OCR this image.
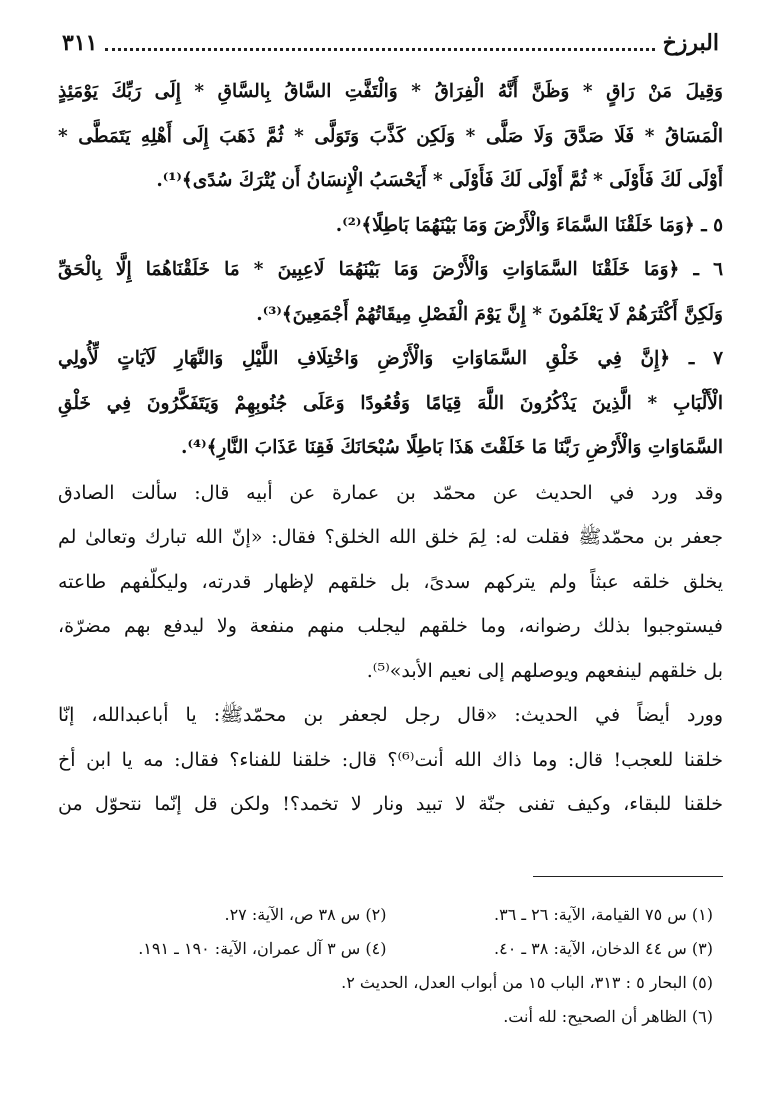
البرزخ
٣١١
وَقِيلَ مَنْ رَاقٍ * وَظَنَّ أَنَّهُ الْفِرَاقُ * وَالْتَفَّتِ السَّاقُ بِالسَّاقِ * إِلَى رَبِّكَ يَوْمَئِذٍ
الْمَسَاقُ * فَلَا صَدَّقَ وَلَا صَلَّى * وَلَكِن كَذَّبَ وَتَوَلَّى * ثُمَّ ذَهَبَ إِلَى أَهْلِهِ يَتَمَطَّى *
أَوْلَى لَكَ فَأَوْلَى * ثُمَّ أَوْلَى لَكَ فَأَوْلَى * أَيَحْسَبُ الْإِنسَانُ أَن يُتْرَكَ سُدًى﴾⁽¹⁾.
٥ ـ ﴿وَمَا خَلَقْنَا السَّمَاءَ وَالْأَرْضَ وَمَا بَيْنَهُمَا بَاطِلًا﴾⁽²⁾.
٦ ـ ﴿وَمَا خَلَقْنَا السَّمَاوَاتِ وَالْأَرْضَ وَمَا بَيْنَهُمَا لَاعِبِينَ * مَا خَلَقْنَاهُمَا إِلَّا بِالْحَقِّ
وَلَكِنَّ أَكْثَرَهُمْ لَا يَعْلَمُونَ * إِنَّ يَوْمَ الْفَصْلِ مِيقَاتُهُمْ أَجْمَعِينَ﴾⁽³⁾.
٧ ـ ﴿إِنَّ فِي خَلْقِ السَّمَاوَاتِ وَالْأَرْضِ وَاخْتِلَافِ اللَّيْلِ وَالنَّهَارِ لَآيَاتٍ لِّأُولِي
الْأَلْبَابِ * الَّذِينَ يَذْكُرُونَ اللَّهَ قِيَامًا وَقُعُودًا وَعَلَى جُنُوبِهِمْ وَيَتَفَكَّرُونَ فِي خَلْقِ
السَّمَاوَاتِ وَالْأَرْضِ رَبَّنَا مَا خَلَقْتَ هَذَا بَاطِلًا سُبْحَانَكَ فَقِنَا عَذَابَ النَّارِ﴾⁽⁴⁾.
وقد ورد في الحديث عن محمّد بن عمارة عن أبيه قال: سألت الصادق
جعفر بن محمّدﷺ فقلت له: لِمَ خلق الله الخلق؟ فقال: «إنّ الله تبارك وتعالىٰ لم
يخلق خلقه عبثاً ولم يتركهم سدىً، بل خلقهم لإظهار قدرته، وليكلّفهم طاعته
فيستوجبوا بذلك رضوانه، وما خلقهم ليجلب منهم منفعة ولا ليدفع بهم مضرّة،
بل خلقهم لينفعهم ويوصلهم إلى نعيم الأبد»⁽⁵⁾.
وورد أيضاً في الحديث: «قال رجل لجعفر بن محمّدﷺ: يا أباعبدالله، إنّا
خلقنا للعجب! قال: وما ذاك الله أنت⁽⁶⁾؟ قال: خلقنا للفناء؟ فقال: مه يا ابن أخ
خلقنا للبقاء، وكيف تفنى جنّة لا تبيد ونار لا تخمد؟! ولكن قل إنّما نتحوّل من
(١) س ٧٥ القيامة، الآية: ٢٦ ـ ٣٦.
(٢) س ٣٨ ص، الآية: ٢٧.
(٣) س ٤٤ الدخان، الآية: ٣٨ ـ ٤٠.
(٤) س ٣ آل عمران، الآية: ١٩٠ ـ ١٩١.
(٥) البحار ٥ : ٣١٣، الباب ١٥ من أبواب العدل، الحديث ٢.
(٦) الظاهر أن الصحيح: لله أنت.
